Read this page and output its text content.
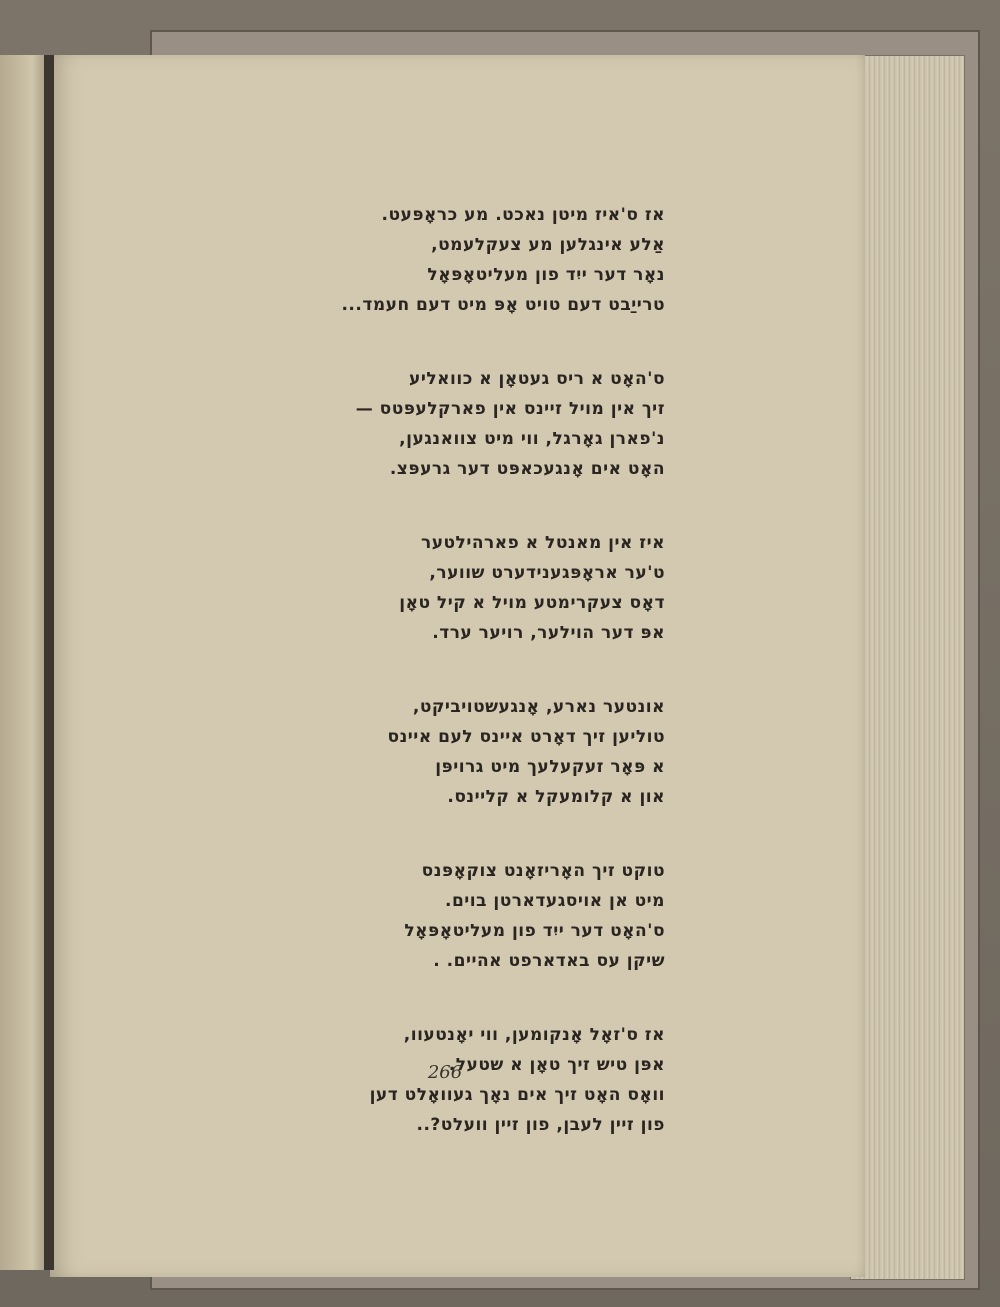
אז ס'איז מיטן נאכט. מע כראָפּעט.
אַלע אינגלען מע צעקלעמט,
נאָר דער ייִד פון מעליטאָפּאָל
טרייַבט דעם טויט אָפּ מיט דעם חעמד...
ס'האָט א ריס געטאָן א כוואליע
זיך אין מויל זיינס אין פארקלעפּטס —
נ'פארן גאָרגל, ווי מיט צוואנגען,
האָט אים אָנגעכאפּט דער גרעפּצ.
איז אין מאנטל א פארהילטער
ט'ער אראָפּגענידערט שווער,
דאָס צעקרימטע מויל א קיל טאָן
אפּ דער הוילער, רויער ערד.
אונטער נארע, אָנגעשטויביקט,
טוליען זיך דאָרט איינס לעם איינס
א פּאָר זעקעלעך מיט גרויפּן
און א קלומעקל א קליינס.
טוקט זיך האָריזאָנט צוקאָפּנס
מיט אן אויסגעדארטן בוים.
ס'האָט דער ייִד פון מעליטאָפּאָל
שיקן עס באדארפט אהיים. .
אז ס'זאָל אָנקומען, ווי יאָנטעוו,
אפּן טיש זיך טאָן א שטעל.
וואָס האָט זיך אים נאָך געוואָלט דען
פון זיין לעבן, פון זיין וועלט?..
266
